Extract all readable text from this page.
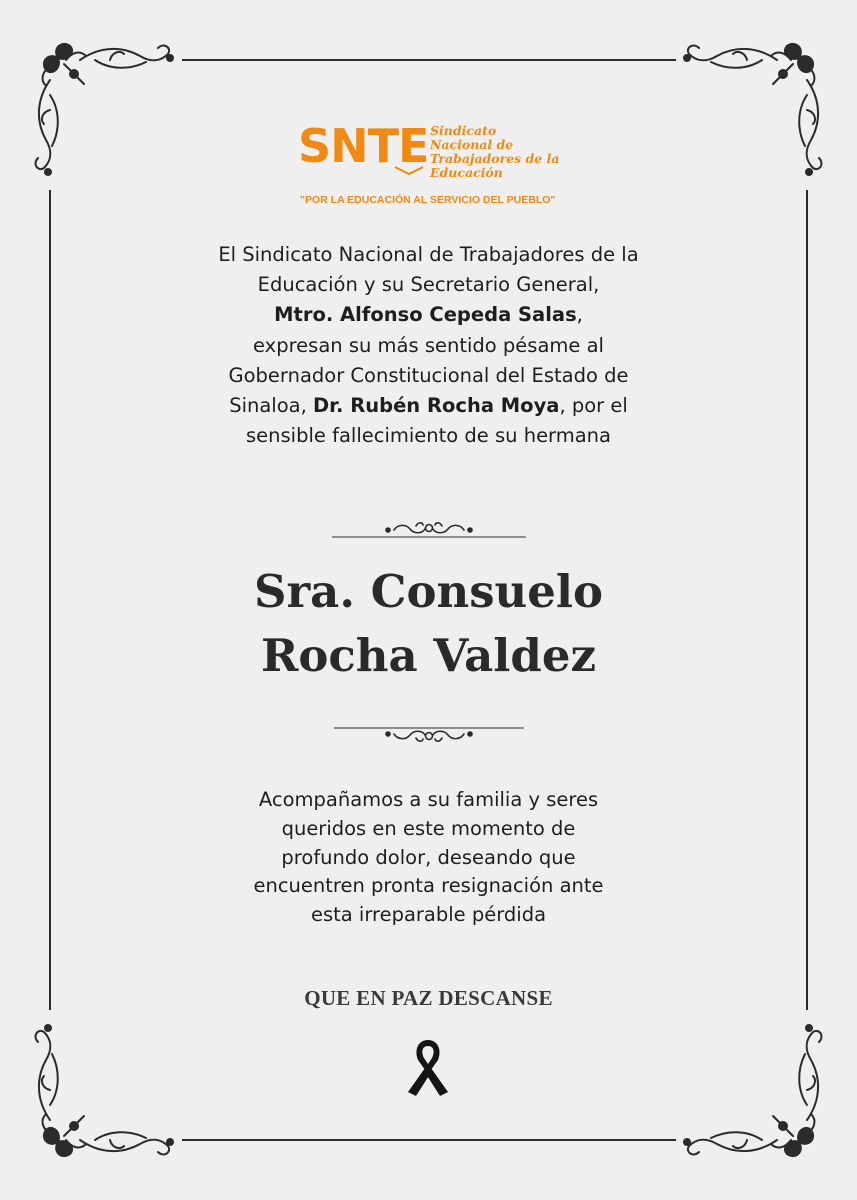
SNTE Sindicato
Nacional de
Trabajadores de la
Educación
"POR LA EDUCACIÓN AL SERVICIO DEL PUEBLO"
El Sindicato Nacional de Trabajadores de la
Educación y su Secretario General,
Mtro. Alfonso Cepeda Salas,
expresan su más sentido pésame al
Gobernador Constitucional del Estado de
Sinaloa, Dr. Rubén Rocha Moya, por el
sensible fallecimiento de su hermana
Sra. Consuelo
Rocha Valdez
Acompañamos a su familia y seres
queridos en este momento de
profundo dolor, deseando que
encuentren pronta resignación ante
esta irreparable pérdida
QUE EN PAZ DESCANSE
